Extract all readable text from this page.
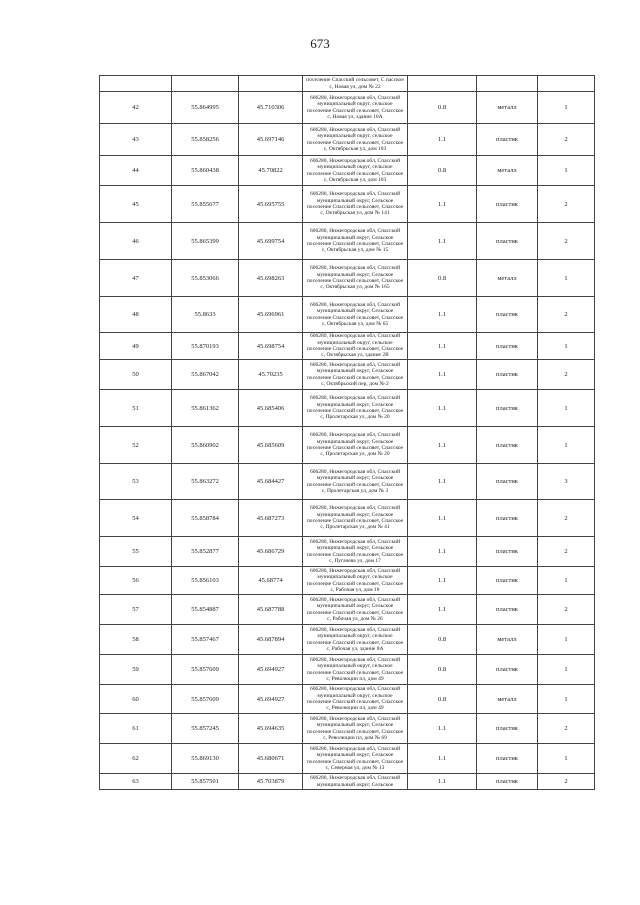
673
			поселение Спасский сельсовет, С пасское с, Новая ул, дом № 22			
42	55.864995	45.710306	606280, Нижегородская обл, Спасский муниципальный округ, сельское поселение Спасский сельсовет, Спасское с, Новая ул, здание 10А	0.8	металл	1
43	55.858256	45.697146	606280, Нижегородская обл, Спасский муниципальный округ, сельское поселение Спасский сельсовет, Спасское с, Октябрьская ул, дом 103	1.1	пластик	2
44	55.860438	45.70822	606280, Нижегородская обл, Спасский муниципальный округ, сельское поселение Спасский сельсовет, Спасское с, Октябрьская ул, дом 103	0.8	металл	1
45	55.855677	45.695755	606280, Нижегородская обл, Спасский муниципальный округ, Сельское поселение Спасский сельсовет, Спасское с, Октябрьская ул, дом № 141	1.1	пластик	2
46	55.865399	45.699754	606280, Нижегородская обл, Спасский муниципальный округ, Сельское поселение Спасский сельсовет, Спасское с, Октябрьская ул, дом № 15	1.1	пластик	2
47	55.853066	45.698263	606280, Нижегородская обл, Спасский муниципальный округ, Сельское поселение Спасский сельсовет, Спасское с, Октябрьская ул, дом № 165	0.8	металл	1
48	55.8633	45.696961	606280, Нижегородская обл, Спасский муниципальный округ, Сельское поселение Спасский сельсовет, Спасское с, Октябрьская ул, дом № 65	1.1	пластик	2
49	55.870193	45.698754	606280, Нижегородская обл, Спасский муниципальный округ, сельское поселение Спасский сельсовет, Спасское с, Октябрьская ул, здание 2В	1.1	пластик	1
50	55.867042	45.70235	606280, Нижегородская обл, Спасский муниципальный округ, Сельское поселение Спасский сельсовет, Спасское с, Октябрьский пер, дом № 2	1.1	пластик	2
51	55.861362	45.685406	606280, Нижегородская обл, Спасский муниципальный округ, Сельское поселение Спасский сельсовет, Спасское с, Пролетарская ул, дом № 20	1.1	пластик	1
52	55.860902	45.685609	606280, Нижегородская обл, Спасский муниципальный округ, Сельское поселение Спасский сельсовет, Спасское с, Пролетарская ул, дом № 20	1.1	пластик	1
53	55.863272	45.684427	606280, Нижегородская обл, Спасский муниципальный округ, Сельское поселение Спасский сельсовет, Спасское с, Пролетарская ул, дом № 3	1.1	пластик	3
54	55.858784	45.687273	606280, Нижегородская обл, Спасский муниципальный округ, Сельское поселение Спасский сельсовет, Спасское с, Пролетарская ул, дом № 41	1.1	пластик	2
55	55.852877	45.686729	606280, Нижегородская обл, Спасский муниципальный округ, Сельское поселение Спасский сельсовет, Спасское с, Пугачева ул, дом 17	1.1	пластик	2
56	55.856103	45.68774	606280, Нижегородская обл, Спасский муниципальный округ, сельское поселение Спасский сельсовет, Спасское с, Рабочая ул, дом 18	1.1	пластик	1
57	55.854887	45.687788	606280, Нижегородская обл, Спасский муниципальный округ, Сельское поселение Спасский сельсовет, Спасское с, Рабочая ул, дом № 26	1.1	пластик	2
58	55.857467	45.687894	606280, Нижегородская обл, Спасский муниципальный округ, сельское поселение Спасский сельсовет, Спасское с, Рабочая ул, здание 8А	0.8	металл	1
59	55.857609	45.694927	606280, Нижегородская обл, Спасский муниципальный округ, сельское поселение Спасский сельсовет, Спасское с, Революции пл, дом 49	0.8	пластик	1
60	55.857609	45.694927	606280, Нижегородская обл, Спасский муниципальный округ, сельское поселение Спасский сельсовет, Спасское с, Революции пл, дом 49	0.8	металл	1
61	55.857245	45.694635	606280, Нижегородская обл, Спасский муниципальный округ, Сельское поселение Спасский сельсовет, Спасское с, Революции пл, дом № 69	1.1	пластик	2
62	55.869130	45.680671	606280, Нижегородская обл, Спасский муниципальный округ, Сельское поселение Спасский сельсовет, Спасское с, Северная ул, дом № 13	1.1	пластик	1
63	55.857501	45.703879	606280, Нижегородская обл, Спасский муниципальный округ, Сельское	1.1	пластик	2
